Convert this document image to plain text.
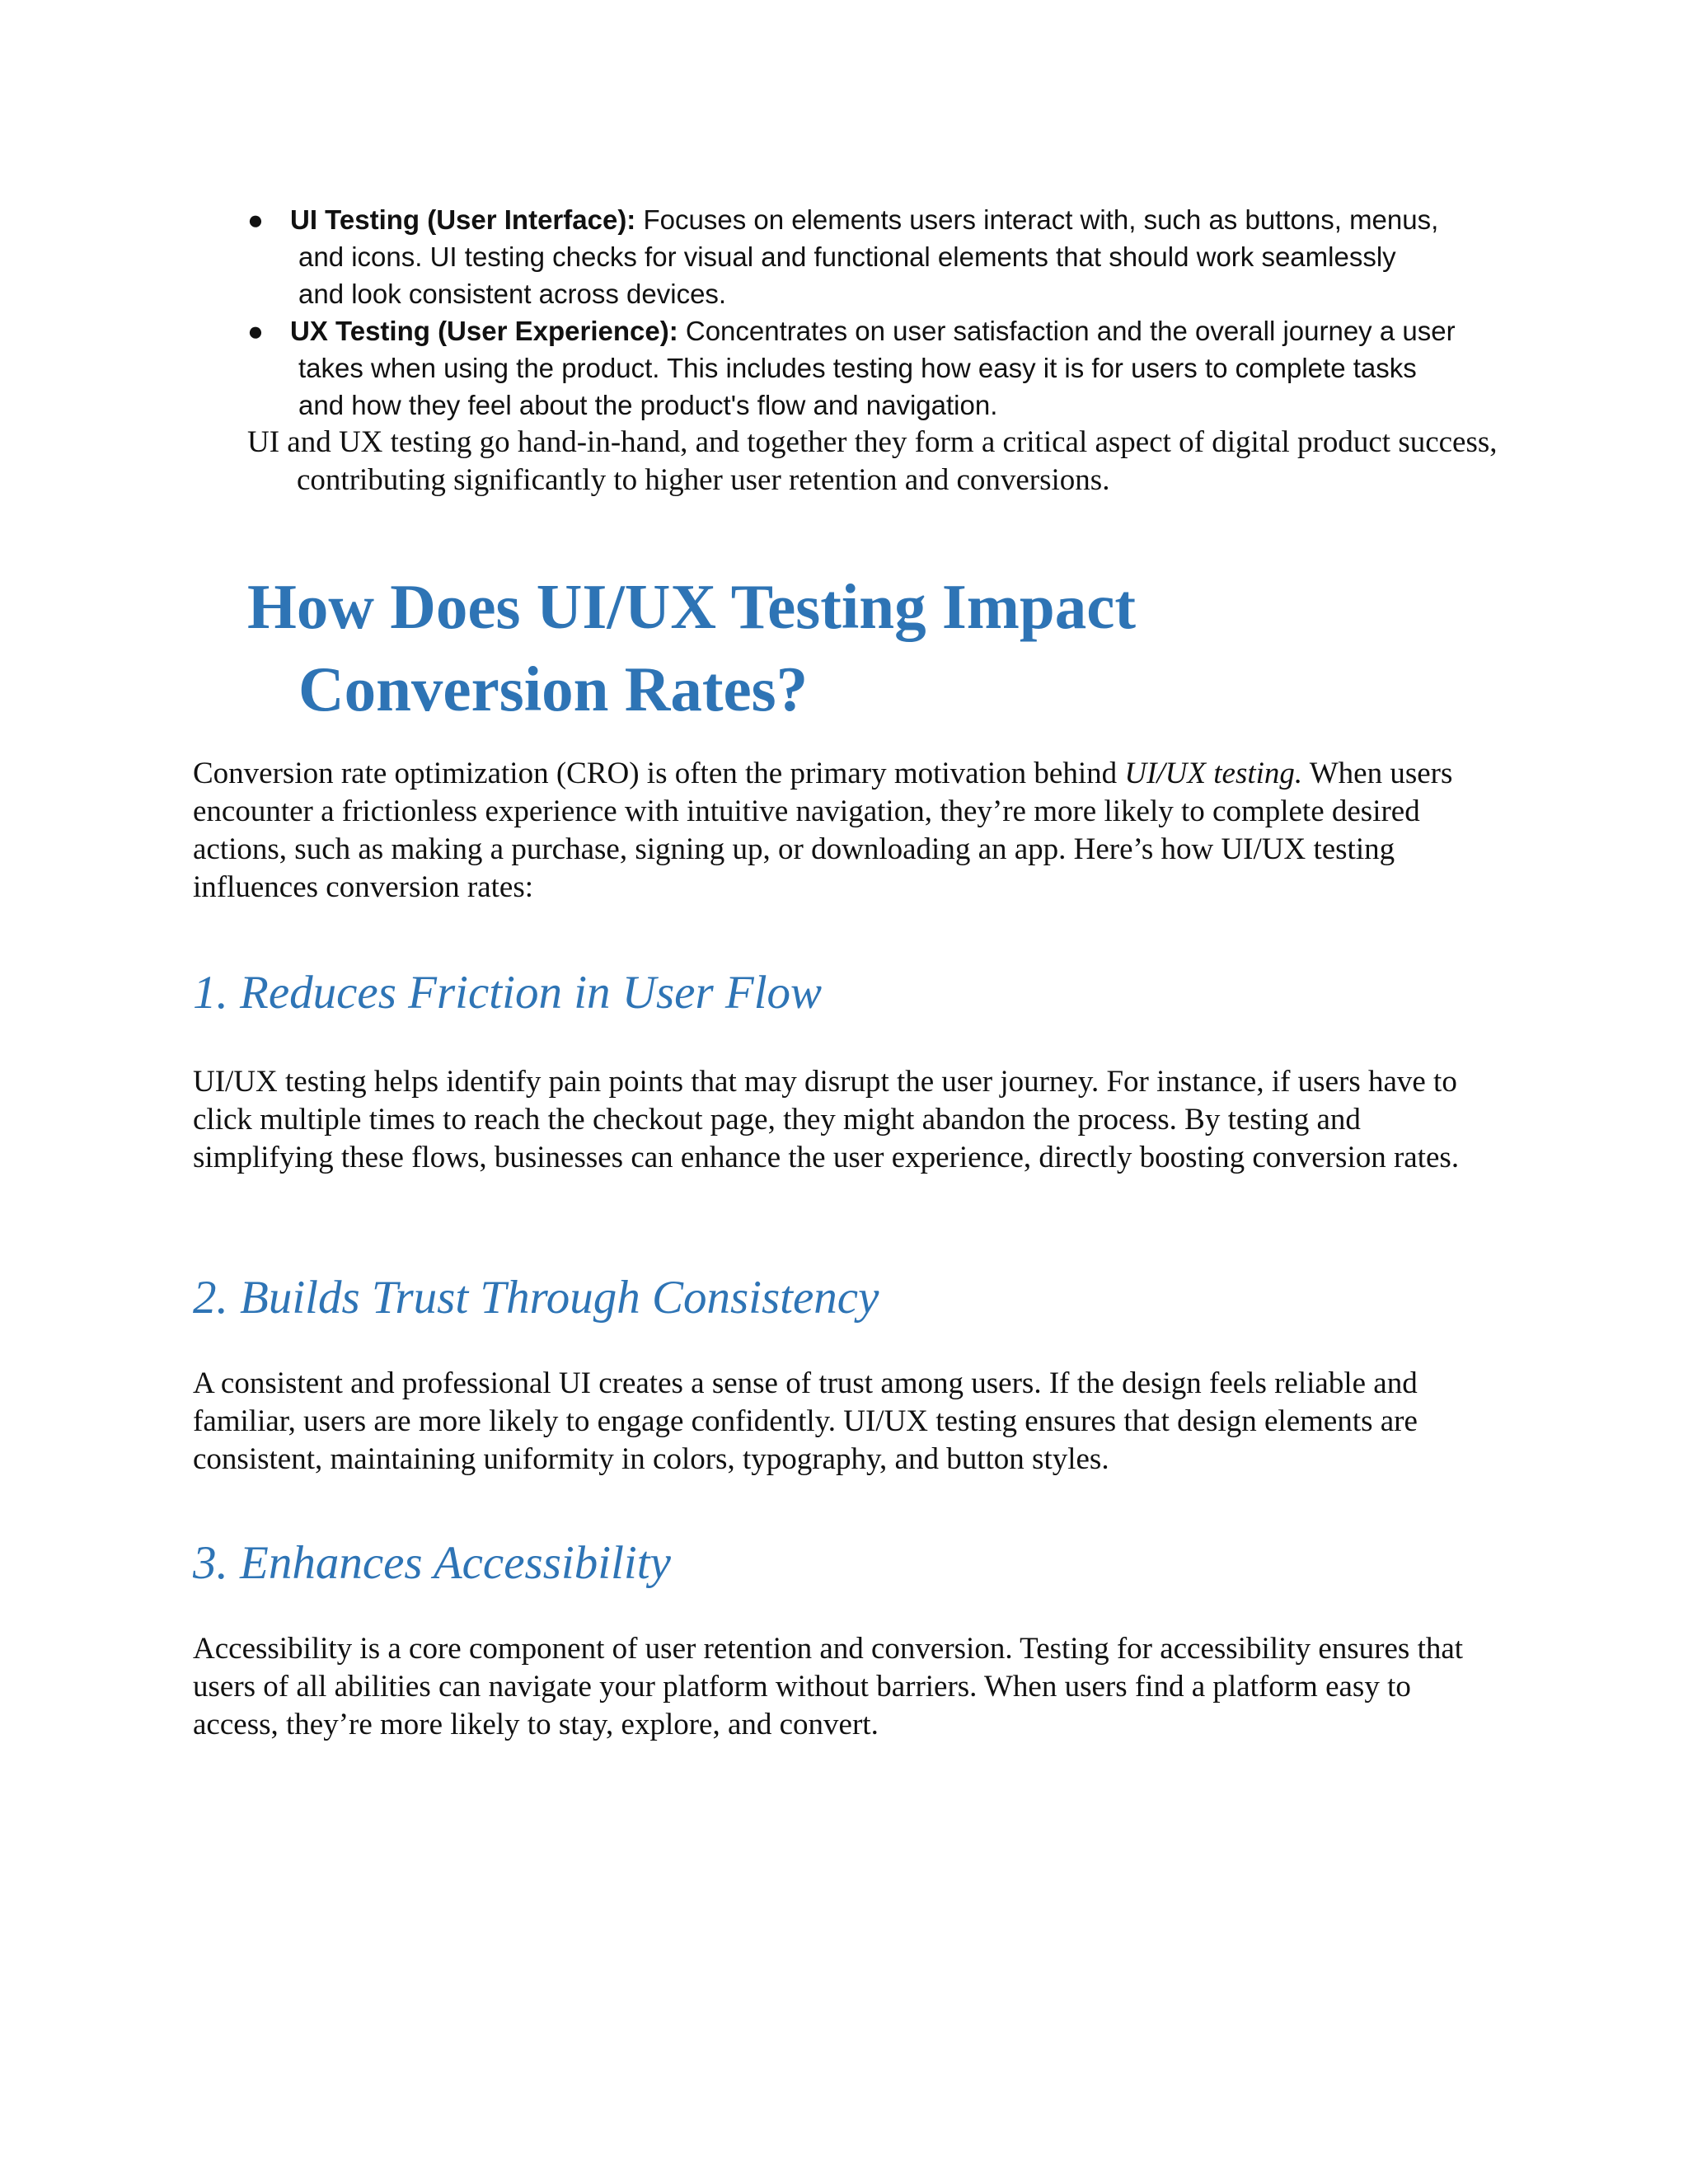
● UI Testing (User Interface): Focuses on elements users interact with, such as buttons, menus,
and icons. UI testing checks for visual and functional elements that should work seamlessly
and look consistent across devices.
● UX Testing (User Experience): Concentrates on user satisfaction and the overall journey a user
takes when using the product. This includes testing how easy it is for users to complete tasks
and how they feel about the product's flow and navigation.

UI and UX testing go hand-in-hand, and together they form a critical aspect of digital product success, contributing significantly to higher user retention and conversions.

How Does UI/UX Testing Impact
Conversion Rates?

Conversion rate optimization (CRO) is often the primary motivation behind UI/UX testing. When users encounter a frictionless experience with intuitive navigation, they’re more likely to complete desired actions, such as making a purchase, signing up, or downloading an app. Here’s how UI/UX testing influences conversion rates:

1. Reduces Friction in User Flow

UI/UX testing helps identify pain points that may disrupt the user journey. For instance, if users have to click multiple times to reach the checkout page, they might abandon the process. By testing and simplifying these flows, businesses can enhance the user experience, directly boosting conversion rates.

2. Builds Trust Through Consistency

A consistent and professional UI creates a sense of trust among users. If the design feels reliable and familiar, users are more likely to engage confidently. UI/UX testing ensures that design elements are consistent, maintaining uniformity in colors, typography, and button styles.

3. Enhances Accessibility

Accessibility is a core component of user retention and conversion. Testing for accessibility ensures that users of all abilities can navigate your platform without barriers. When users find a platform easy to access, they’re more likely to stay, explore, and convert.
